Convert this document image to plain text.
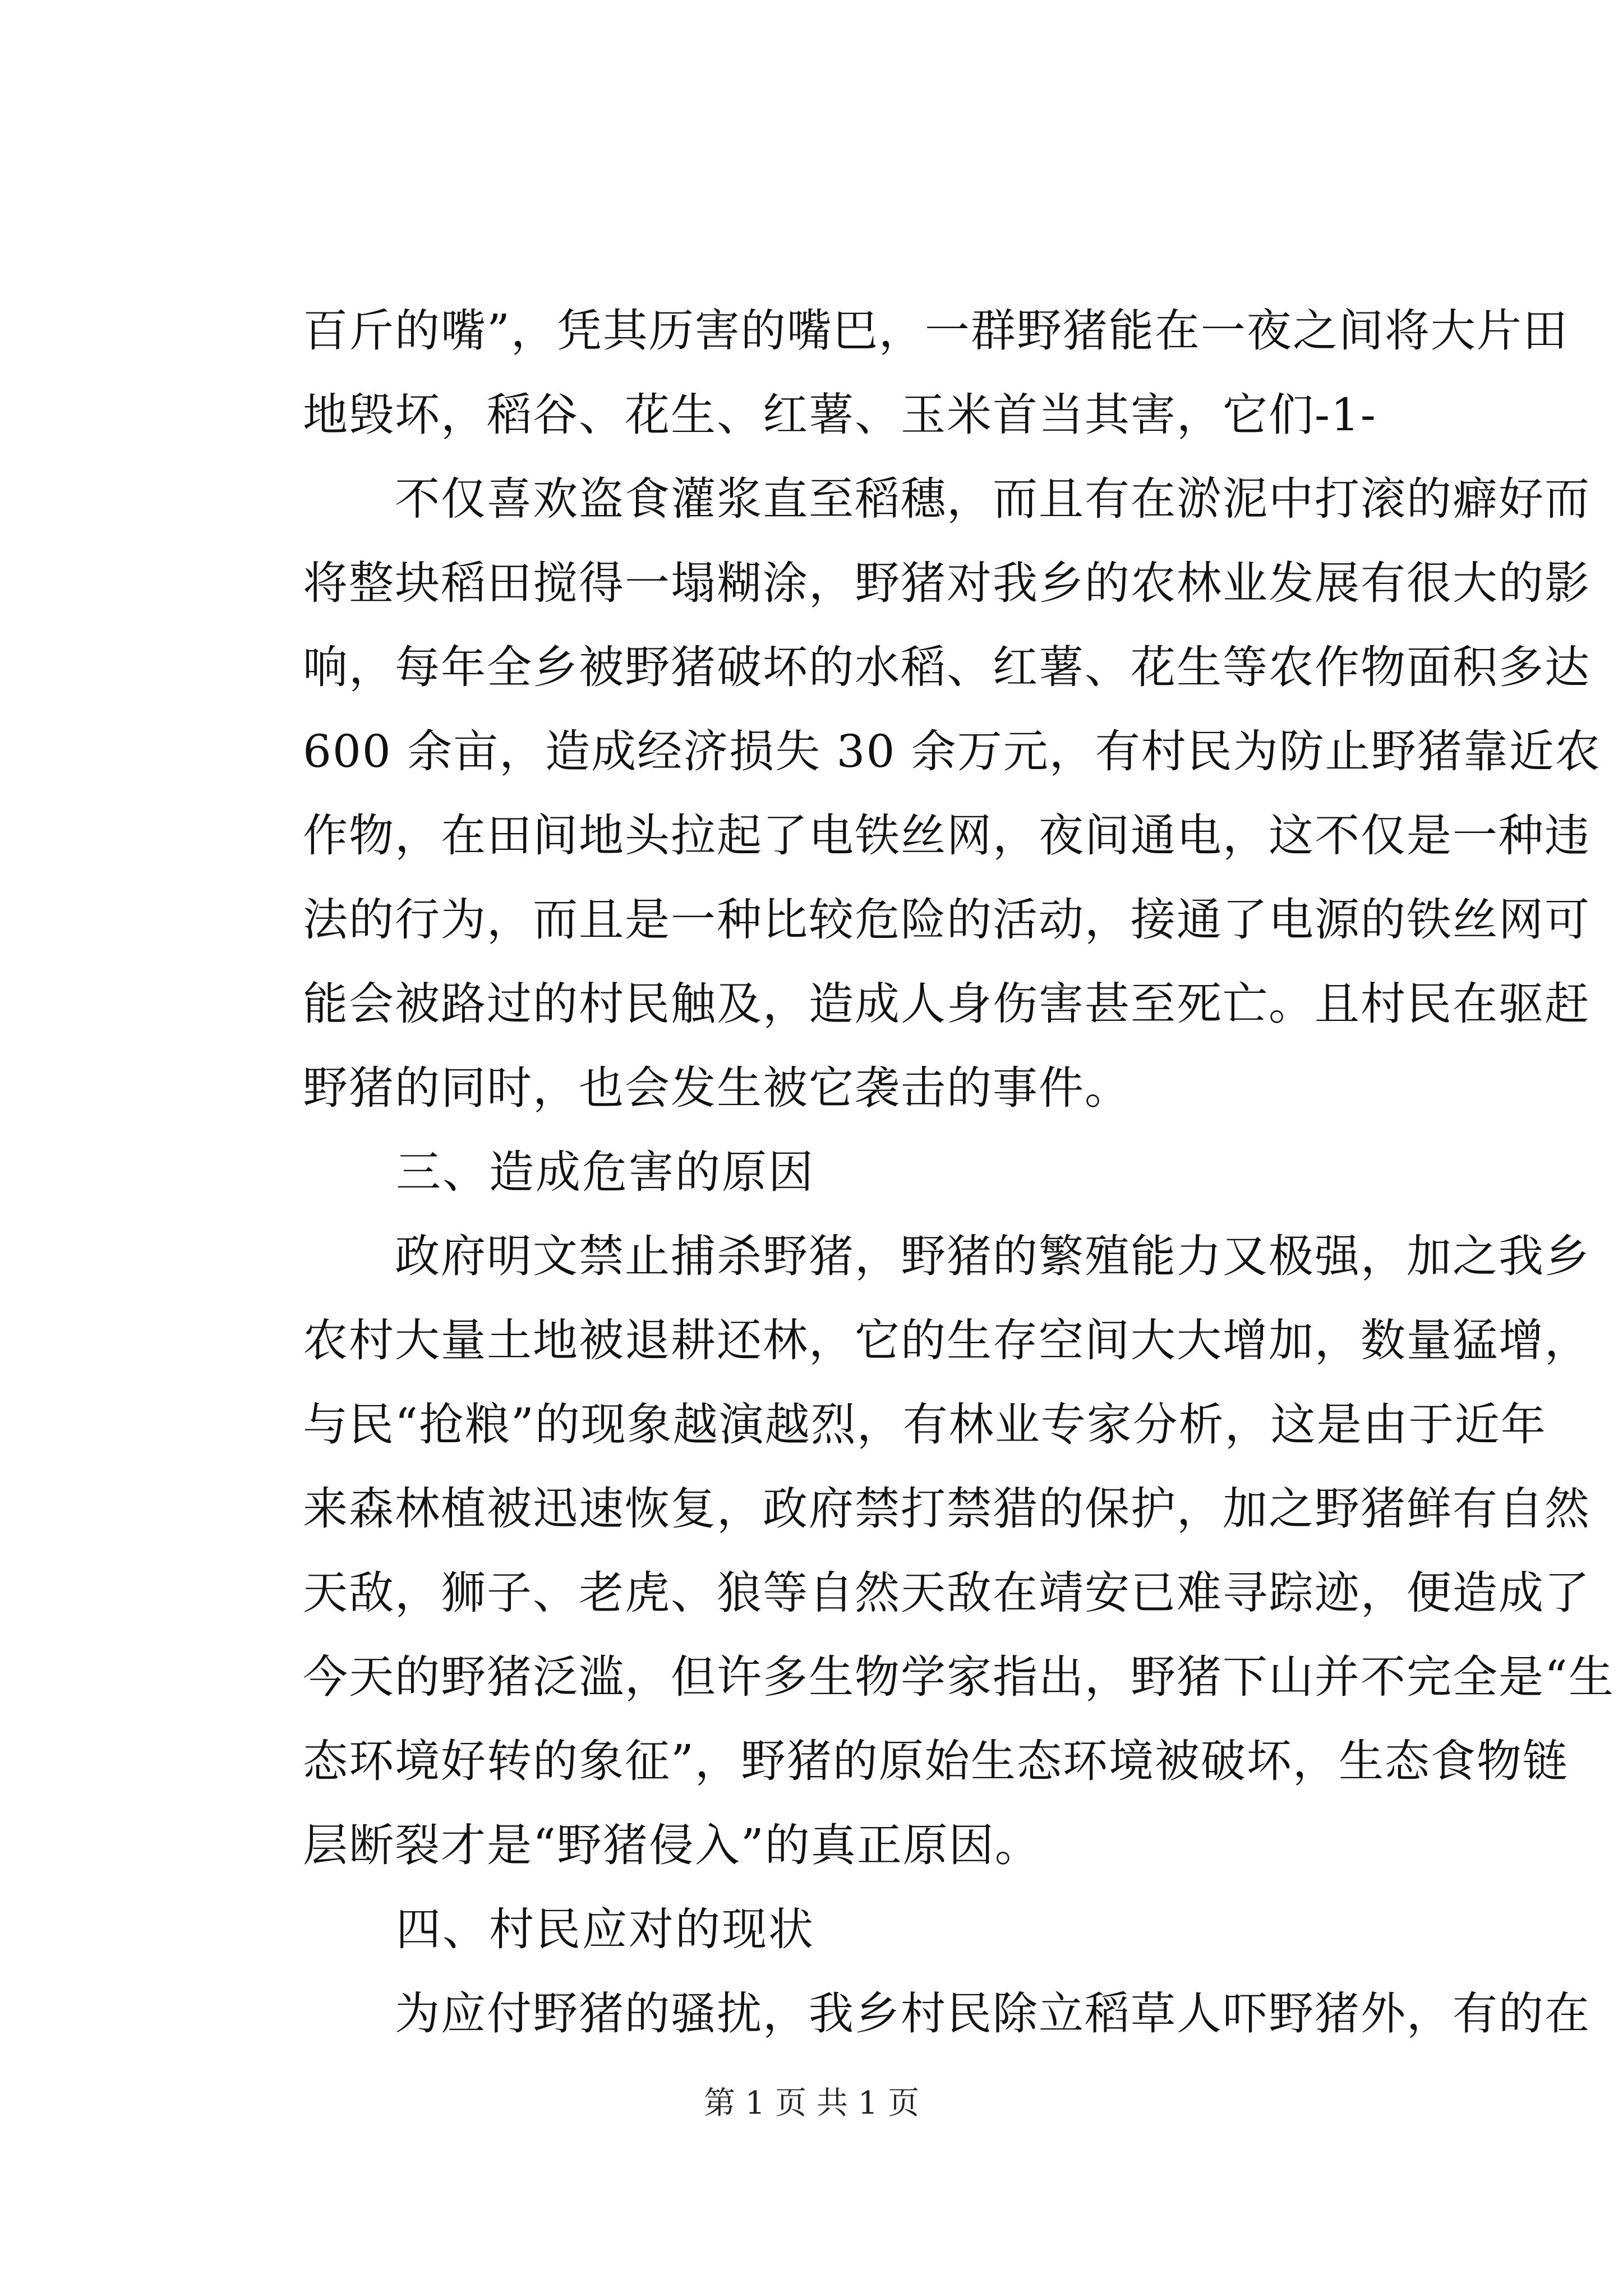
百斤的嘴”，凭其历害的嘴巴，一群野猪能在一夜之间将大片田
地毁坏，稻谷、花生、红薯、玉米首当其害，它们-1-
　　不仅喜欢盗食灌浆直至稻穗，而且有在淤泥中打滚的癖好而
将整块稻田搅得一塌糊涂，野猪对我乡的农林业发展有很大的影
响，每年全乡被野猪破坏的水稻、红薯、花生等农作物面积多达
600 余亩，造成经济损失 30 余万元，有村民为防止野猪靠近农
作物，在田间地头拉起了电铁丝网，夜间通电，这不仅是一种违
法的行为，而且是一种比较危险的活动，接通了电源的铁丝网可
能会被路过的村民触及，造成人身伤害甚至死亡。且村民在驱赶
野猪的同时，也会发生被它袭击的事件。
　　三、造成危害的原因
　　政府明文禁止捕杀野猪，野猪的繁殖能力又极强，加之我乡
农村大量土地被退耕还林，它的生存空间大大增加，数量猛增，
与民“抢粮”的现象越演越烈，有林业专家分析，这是由于近年
来森林植被迅速恢复，政府禁打禁猎的保护，加之野猪鲜有自然
天敌，狮子、老虎、狼等自然天敌在靖安已难寻踪迹，便造成了
今天的野猪泛滥，但许多生物学家指出，野猪下山并不完全是“生
态环境好转的象征”，野猪的原始生态环境被破坏，生态食物链
层断裂才是“野猪侵入”的真正原因。
　　四、村民应对的现状
　　为应付野猪的骚扰，我乡村民除立稻草人吓野猪外，有的在
第 1 页 共 1 页
